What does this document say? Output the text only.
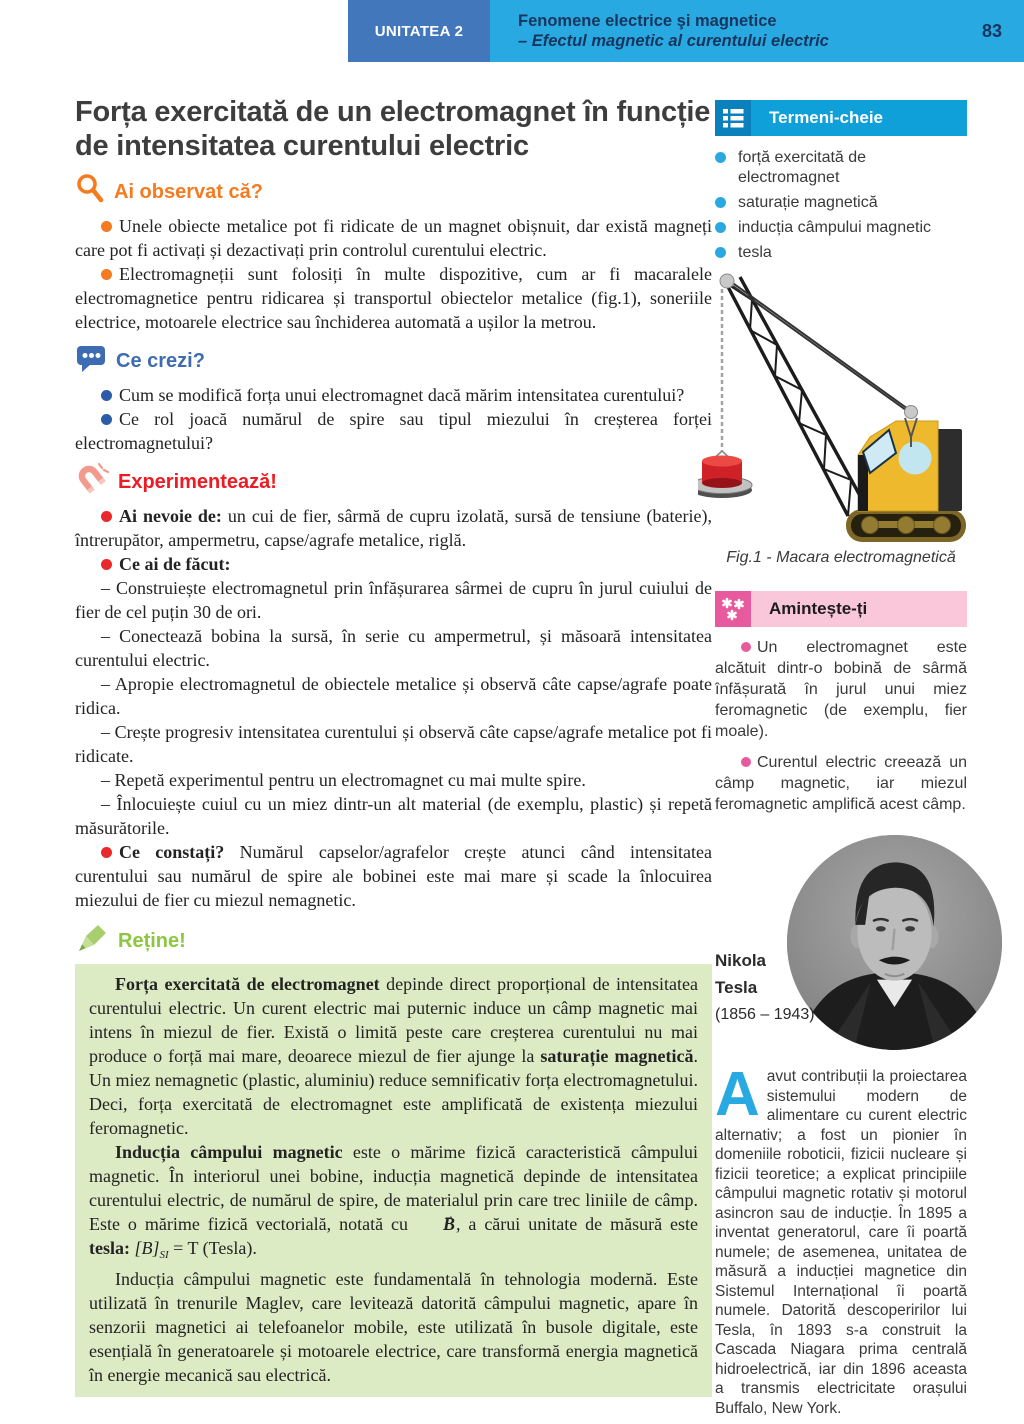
UNITATEA 2
Fenomene electrice şi magnetice
– Efectul magnetic al curentului electric
83
Forța exercitată de un electromagnet în funcție de intensitatea curentului electric
Ai observat că?

Unele obiecte metalice pot fi ridicate de un magnet obișnuit, dar există magneți care pot fi activați și dezactivați prin controlul curentului electric.

Electromagneții sunt folosiți în multe dispozitive, cum ar fi macaralele electromagnetice pentru ridicarea și transportul obiectelor metalice (fig.1), soneriile electrice, motoarele electrice sau închiderea automată a ușilor la metrou.

Ce crezi?

Cum se modifică forța unui electromagnet dacă mărim intensitatea curentului?

Ce rol joacă numărul de spire sau tipul miezului în creșterea forței electromagnetului?

Experimentează!

Ai nevoie de: un cui de fier, sârmă de cupru izolată, sursă de tensiune (baterie), întrerupător, ampermetru, capse/agrafe metalice, riglă.

Ce ai de făcut:

– Construiește electromagnetul prin înfășurarea sârmei de cupru în jurul cuiului de fier de cel puțin 30 de ori.

– Conectează bobina la sursă, în serie cu ampermetrul, și măsoară intensitatea curentului electric.

– Apropie electromagnetul de obiectele metalice și observă câte capse/agrafe poate ridica.

– Crește progresiv intensitatea curentului și observă câte capse/agrafe metalice pot fi ridicate.

– Repetă experimentul pentru un electromagnet cu mai multe spire.

– Înlocuiește cuiul cu un miez dintr-un alt material (de exemplu, plastic) și repetă măsurătorile.

Ce constați? Numărul capselor/agrafelor crește atunci când intensitatea curentului sau numărul de spire ale bobinei este mai mare și scade la înlocuirea miezului de fier cu miezul nemagnetic.

Reține!

Forța exercitată de electromagnet depinde direct proporțional de intensitatea curentului electric. Un curent electric mai puternic induce un câmp magnetic mai intens în miezul de fier. Există o limită peste care creșterea curentului nu mai produce o forță mai mare, deoarece miezul de fier ajunge la saturație magnetică. Un miez nemagnetic (plastic, aluminiu) reduce semnificativ forța electromagnetului. Deci, forța exercitată de electromagnet este amplificată de existența miezului feromagnetic.

Inducția câmpului magnetic este o mărime fizică caracteristică câmpului magnetic. În interiorul unei bobine, inducția magnetică depinde de intensitatea curentului electric, de numărul de spire, de materialul prin care trec liniile de câmp. Este o mărime fizică vectorială, notată cu → B, a cărui unitate de măsură este tesla: $[B]_{SI} = T$ (Tesla).

Inducția câmpului magnetic este fundamentală în tehnologia modernă. Este utilizată în trenurile Maglev, care levitează datorită câmpului magnetic, apare în senzorii magnetici ai telefoanelor mobile, este utilizată în busole digitale, este esențială în generatoarele și motoarele electrice, care transformă energia magnetică în energie mecanică sau electrică.

Termeni-cheie
forță exercitată de electromagnet
saturație magnetică
inducția câmpului magnetic
tesla
Fig.1 - Macara electromagnetică
Amintește-ți

Un electromagnet este alcătuit dintr-o bobină de sârmă înfășurată în jurul unui miez feromagnetic (de exemplu, fier moale).

Curentul electric creează un câmp magnetic, iar miezul feromagnetic amplifică acest câmp.

Nikola
Tesla
(1856 – 1943)

Aavut contribuții la proiectarea sistemului modern de alimentare cu curent electric alternativ; a fost un pionier în domeniile roboticii, fizicii nucleare și fizicii teoretice; a explicat principiile câmpului magnetic rotativ și motorul asincron sau de inducție. În 1895 a inventat generatorul, care îi poartă numele; de asemenea, unitatea de măsură a inducției magnetice din Sistemul Internațional îi poartă numele. Datorită descoperirilor lui Tesla, în 1893 s-a construit la Cascada Niagara prima centrală hidroelectrică, iar din 1896 aceasta a transmis electricitate orașului Buffalo, New York.
